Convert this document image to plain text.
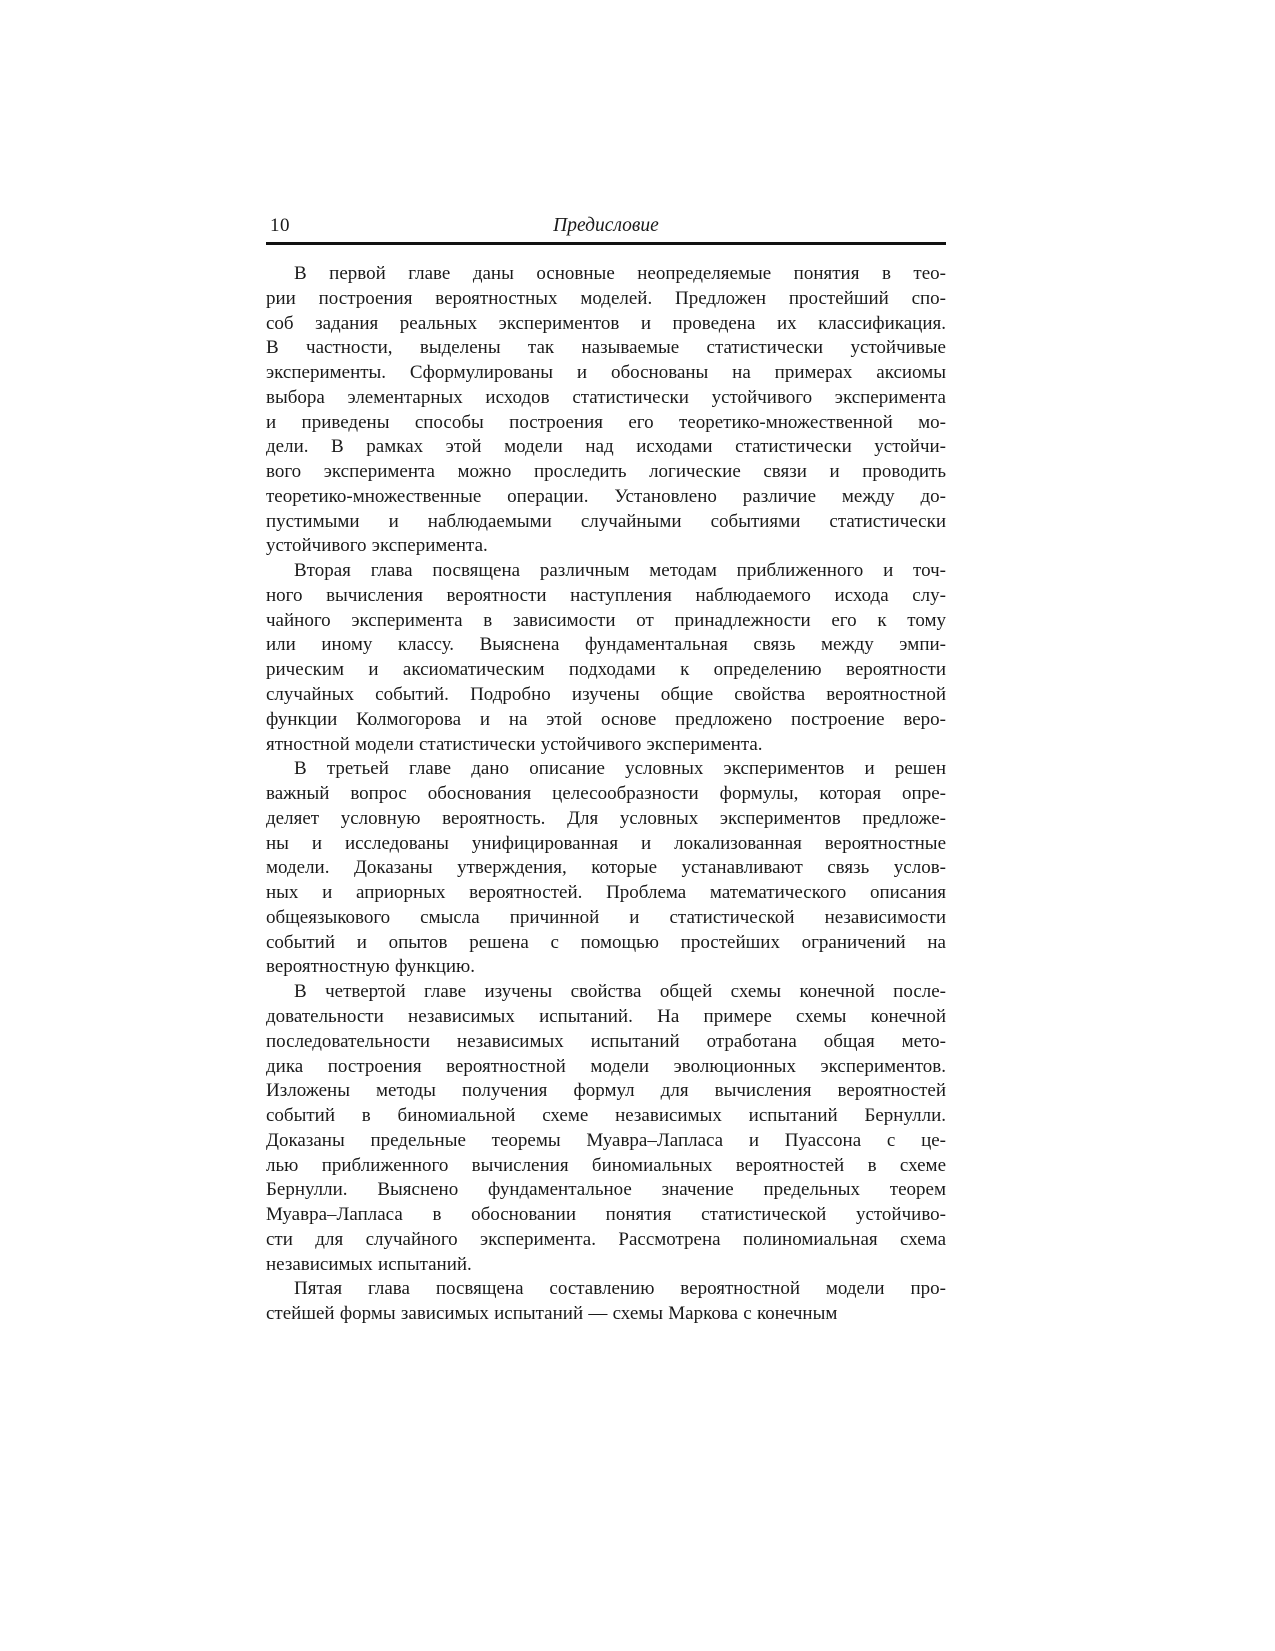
10	Предисловие
В первой главе даны основные неопределяемые понятия в тео-
рии построения вероятностных моделей. Предложен простейший спо-
соб задания реальных экспериментов и проведена их классификация.
В частности, выделены так называемые статистически устойчивые
эксперименты. Сформулированы и обоснованы на примерах аксиомы
выбора элементарных исходов статистически устойчивого эксперимента
и приведены способы построения его теоретико-множественной мо-
дели. В рамках этой модели над исходами статистически устойчи-
вого эксперимента можно проследить логические связи и проводить
теоретико-множественные операции. Установлено различие между до-
пустимыми и наблюдаемыми случайными событиями статистически
устойчивого эксперимента.
Вторая глава посвящена различным методам приближенного и точ-
ного вычисления вероятности наступления наблюдаемого исхода слу-
чайного эксперимента в зависимости от принадлежности его к тому
или иному классу. Выяснена фундаментальная связь между эмпи-
рическим и аксиоматическим подходами к определению вероятности
случайных событий. Подробно изучены общие свойства вероятностной
функции Колмогорова и на этой основе предложено построение веро-
ятностной модели статистически устойчивого эксперимента.
В третьей главе дано описание условных экспериментов и решен
важный вопрос обоснования целесообразности формулы, которая опре-
деляет условную вероятность. Для условных экспериментов предложе-
ны и исследованы унифицированная и локализованная вероятностные
модели. Доказаны утверждения, которые устанавливают связь услов-
ных и априорных вероятностей. Проблема математического описания
общеязыкового смысла причинной и статистической независимости
событий и опытов решена с помощью простейших ограничений на
вероятностную функцию.
В четвертой главе изучены свойства общей схемы конечной после-
довательности независимых испытаний. На примере схемы конечной
последовательности независимых испытаний отработана общая мето-
дика построения вероятностной модели эволюционных экспериментов.
Изложены методы получения формул для вычисления вероятностей
событий в биномиальной схеме независимых испытаний Бернулли.
Доказаны предельные теоремы Муавра–Лапласа и Пуассона с це-
лью приближенного вычисления биномиальных вероятностей в схеме
Бернулли. Выяснено фундаментальное значение предельных теорем
Муавра–Лапласа в обосновании понятия статистической устойчиво-
сти для случайного эксперимента. Рассмотрена полиномиальная схема
независимых испытаний.
Пятая глава посвящена составлению вероятностной модели про-
стейшей формы зависимых испытаний — схемы Маркова с конечным
